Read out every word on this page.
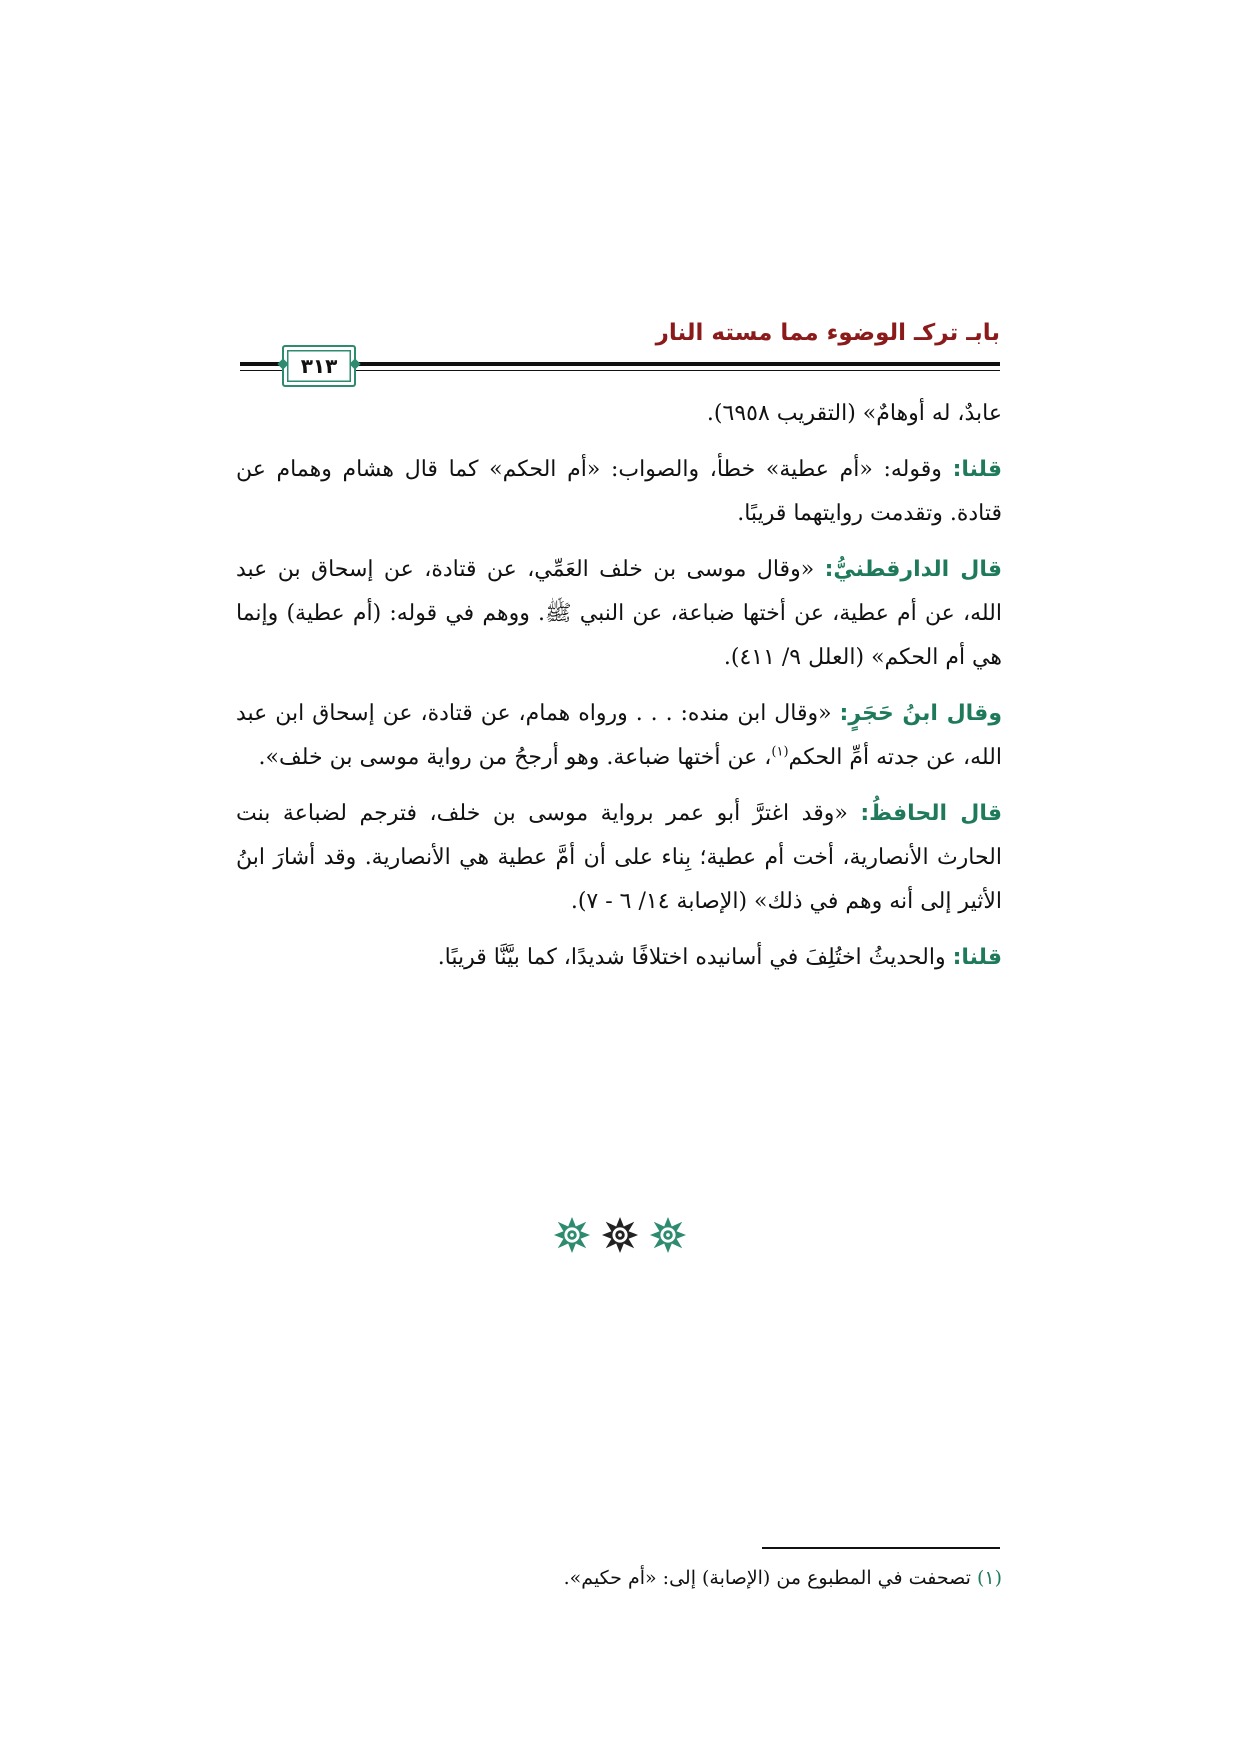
بابـ تركـ الوضوء مما مسته النار
٣١٣

عابدٌ، له أوهامٌ» (التقريب ٦٩٥٨).

قلنا: وقوله: «أم عطية» خطأ، والصواب: «أم الحكم» كما قال هشام وهمام عن قتادة. وتقدمت روايتهما قريبًا.

قال الدارقطنيُّ: «وقال موسى بن خلف العَمِّي، عن قتادة، عن إسحاق بن عبد الله، عن أم عطية، عن أختها ضباعة، عن النبي ﷺ. ووهم في قوله: (أم عطية) وإنما هي أم الحكم» (العلل ٩/ ٤١١).

وقال ابنُ حَجَرٍ: «وقال ابن منده: . . . ورواه همام، عن قتادة، عن إسحاق ابن عبد الله، عن جدته أمِّ الحكم$^{(١)}$، عن أختها ضباعة. وهو أرجحُ من رواية موسى بن خلف».

قال الحافظُ: «وقد اغترَّ أبو عمر برواية موسى بن خلف، فترجم لضباعة بنت الحارث الأنصارية، أخت أم عطية؛ بِناء على أن أمَّ عطية هي الأنصارية. وقد أشارَ ابنُ الأثير إلى أنه وهم في ذلك» (الإصابة ١٤/ ٦ - ٧).

قلنا: والحديثُ اختُلِفَ في أسانيده اختلافًا شديدًا، كما بيَّنَّا قريبًا.

(١) تصحفت في المطبوع من (الإصابة) إلى: «أم حكيم».
